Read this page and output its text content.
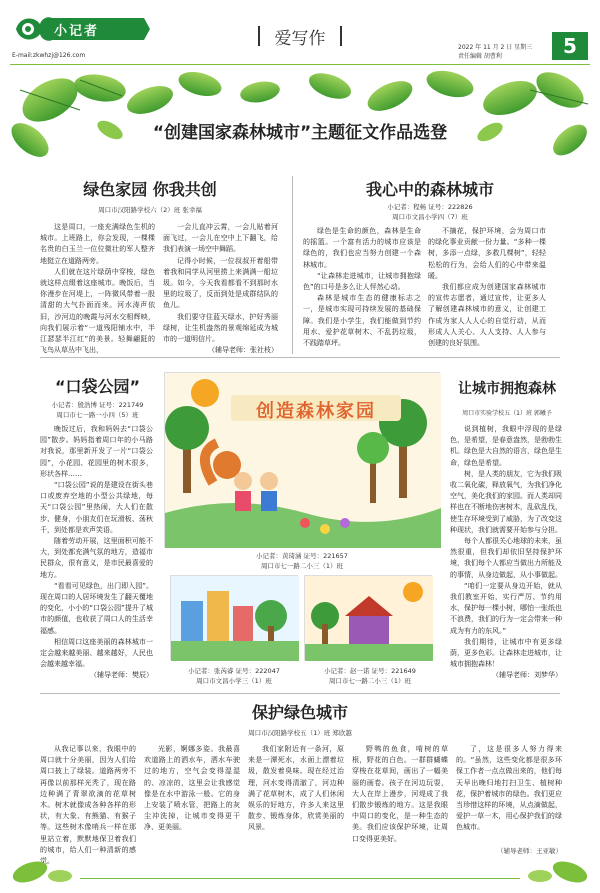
小记者
E-mail:zkwhzj@126.com
爱写作	2022 年 11 月 2 日 星期三
责任编辑 胡曹利	5
“创建国家森林城市”主题征文作品选登
绿色家园 你我共创
周口市汉阳路学校六（2）班 张幸福

这是周口，一座充满绿色生机的城市。上班路上，你会发现，一棵棵名贵的白玉兰一位位微壮的军人整齐地挺立在道路两旁。

人们就在这片绿荫中穿梭，绿色就这样点缀着这座城市。晚饭后，当你漫步在河堤上，一阵微风带着一股清甜的大气扑面而来。河水涛声依旧，沙河边的晚霞与河水交相辉映，向我们展示着“一道残阳铺水中，半江瑟瑟半江红”的美景。轻舞翩跹的飞鸟从草丛中飞出，

一会儿直冲云霄，一会儿贴着河面飞过，一会儿在空中上下翻飞，给我们表演一场空中舞蹈。

记得小时候，一位叔叔开着船带着我和同学从河里捞上来满满一船垃圾。如今，今天我看都看不到那时水里的垃圾了，反而到处是成群结队的鱼儿。

我们要守住蓝天绿水，护好秀丽绿树，让生机盎然的景观绵延成为城市的一道明信片。

（辅导老师：张社枝）

我心中的森林城市
小记者：程畅 证号：222826
周口市文昌小学四（7）班

绿色是生命的颜色，森林是生命的摇篮。一个富有活力的城市应该是绿色的，我们也应当努力创建一个森林城市。

“让森林走进城市，让城市拥抱绿色”的口号是多么让人怦然心动。

森林是城市生态的健康标志之一，是城市实现可持续发展的基础保障。我们是小学生，我们能做到节约用水、爱护花草树木、不乱扔垃圾，不践踏草坪。

不摘花，保护环境，会为周口市的绿化事业贡献一份力量。“多种一棵树，多添一点绿，多救几棵树”，轻轻松松的行为，会给人们的心中带来温暖。

我们都应成为创建国家森林城市的宣传志愿者，通过宣传，让更多人了解创建森林城市的意义，让创建工作成为家人人人心的自觉行动，从而形成人人关心、人人支持、人人参与创建的良好氛围。

“口袋公园”
小记者：殷浩博 证号：221749
周口市七一路一小四（5）班

晚饭过后，我和妈妈去“口袋公园”散步。妈妈指着周口年的小马路对我说，那里新开发了一片“口袋公园”，小花园、花园里的树木很多，形状各样……

“口袋公园”说的是建设在街头巷口或废弃空地的小型公共绿地，每天“口袋公园”里热闹，大人们在散步、健身，小朋友们在玩滑板、荡秋千，到处都是欢声笑语。

随着劳动开展，这里面积可能不大，到处都充满气氛的地方，造福市民群众，很有意义，是市民最喜爱的地方。

“看看可见绿色，出门即入园”。现在周口的人居环境发生了翻天覆地的变化，小小的“口袋公园”提升了城市的颜值，也收获了周口人的生活幸福感。

相信周口这座美丽的森林城市一定会越来越美丽、越来越好，人民也会越来越幸福。

（辅导老师：樊辰）

创造森林家园
小记者：黄琦涵 证号：221657
周口市七一路二小三（1）班
小记者：张芮睿 证号：222047
周口市文昌小学三（1）班
小记者：赵一诺 证号：221649
周口市七一路二小三（1）班
让城市拥抱森林
周口市实验学校五（1）班 郭曦予

说到植树，我眼中浮现的是绿色，是希望，是春意盎然，是勃勃生机。绿色是大自然的语言，绿色是生命，绿色是希望。

树，是人类的朋友，它为我们吸收二氧化碳，释放氧气，为我们净化空气，美化我们的家园。而人类却同样也在不断地伤害树木，乱砍乱伐，使生存环境受到了威胁，为了改变这种现状，我们就需要开始参与分担。

每个人都很关心地球的未来，虽然很重，但我们却依旧坚持保护环境，我们每个人都应当做出力所能及的事情，从身边做起，从小事做起。

“咱们一定要从身边开始，就从我们教室开始，实行严厉、节约用水，保护每一棵小树，哪怕一张纸也不浪费，我们的行为一定会带来一种成为有力的东风。”

我们期待，让城市中有更多绿荫，更多色彩。让森林走进城市，让城市拥抱森林！

（辅导老师：刘梦华）

保护绿色城市
周口市汉阳路学校五（1）班 郑欣越

从我记事以来，我眼中的周口就十分美丽，因为人们给周口披上了绿装。道路两旁不再像以前那样光秃了，现在路边种满了青翠欲滴的花草树木。树木就像成各种各样的形状，有大象、有熊猫、有猴子等。这些树木像哨兵一样在那里站立着，默默地保卫着我们的城市，给人们一种清新的感觉。

光影，婀娜多姿。我最喜欢道路上的洒水车，洒水车驶过的地方，空气会变得湿湿的、凉凉的，这里会让我感觉像是在水中游泳一般。它的身上安装了喷水管，把路上的灰尘冲洗掉，让城市变得更干净、更美丽。

我们家附近有一条河，原来是一潭死水，水面上漂着垃圾，散发着臭味。现在经过治理，河水变得清澈了，河边种满了花草树木，成了人们休闲娱乐的好地方，许多人来这里散步、锻炼身体，欣赏美丽的风景。

野鸭的鱼食，啃树的草根，野花的白色。一群群蝴蝶穿梭在花草间，画出了一幅美丽的画卷。孩子在河边玩耍，大人在岸上漫步，河堤成了我们散步锻炼的地方。这是我眼中周口的变化，是一种生态的美。我们应该保护环境，让周口变得更美好。

了，这是很多人努力得来的。“虽然，这些变化都是很多环保工作者一点点做出来的，他们每天早出晚归地打扫卫生、植树种花，保护着城市的绿色。我们更应当珍惜这样的环境，从点滴做起，爱护一草一木，用心保护我们的绿色城市。

（辅导老师：王亚敏）
